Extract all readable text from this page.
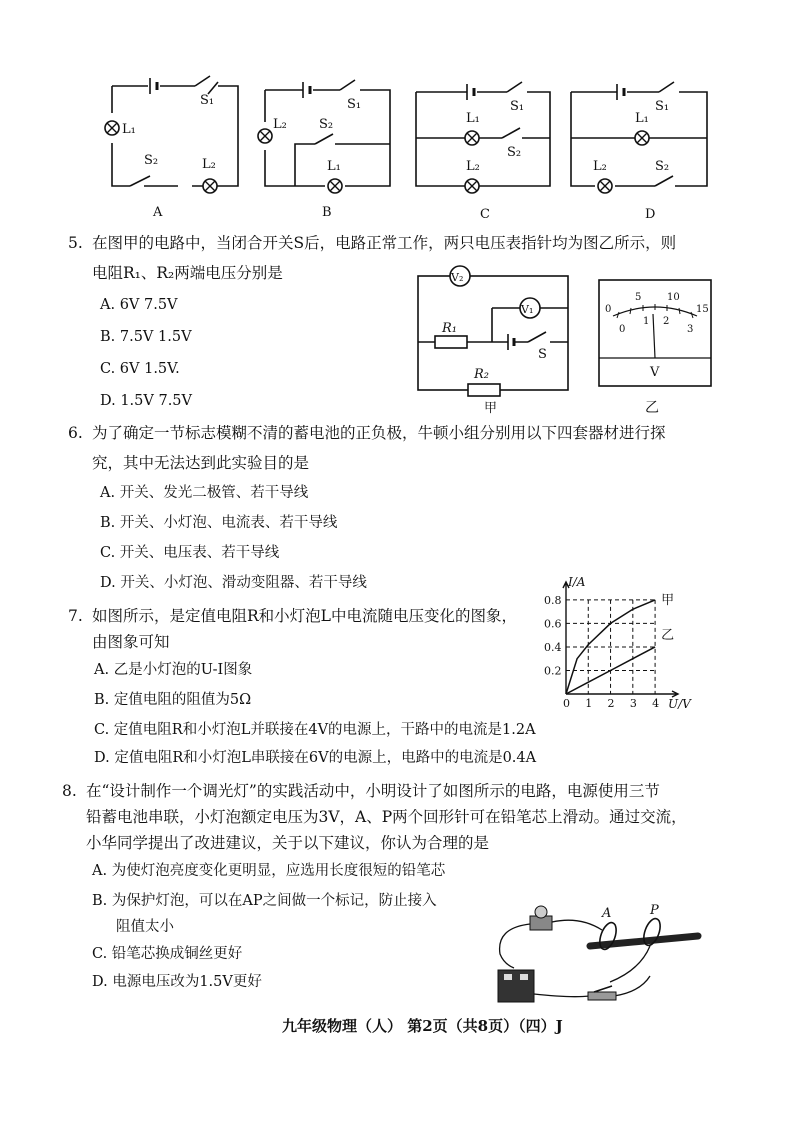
L₁
S₂
S₁
L₂
A
L₂
S₁
S₂
L₁
B
S₁
L₁
S₂
L₂
C
S₁
L₁
L₂	S₂
D
5. 在图甲的电路中，当闭合开关S后，电路正常工作，两只电压表指针均为图乙所示，则
电阻R₁、R₂两端电压分别是
A. 6V 7.5V
B. 7.5V 1.5V
C. 6V 1.5V.
D. 1.5V 7.5V
V₂
V₁
R₁
S
R₂
甲
0
5	10
15
0
1 2
3
V
乙
6. 为了确定一节标志模糊不清的蓄电池的正负极，牛顿小组分别用以下四套器材进行探
究，其中无法达到此实验目的是
A. 开关、发光二极管、若干导线
B. 开关、小灯泡、电流表、若干导线
C. 开关、电压表、若干导线
D. 开关、小灯泡、滑动变阻器、若干导线
7. 如图所示，是定值电阻R和小灯泡L中电流随电压变化的图象，
由图象可知
A. 乙是小灯泡的U-I图象
B. 定值电阻的阻值为5Ω
C. 定值电阻R和小灯泡L并联接在4V的电源上，干路中的电流是1.2A
D. 定值电阻R和小灯泡L串联接在6V的电源上，电路中的电流是0.4A
甲
乙
0 1 2 3 4
0.2
0.4
0.6
0.8
U/V
I/A
8. 在“设计制作一个调光灯”的实践活动中，小明设计了如图所示的电路，电源使用三节
铅蓄电池串联，小灯泡额定电压为3V，A、P两个回形针可在铅笔芯上滑动。通过交流，
小华同学提出了改进建议，关于以下建议，你认为合理的是
A. 为使灯泡亮度变化更明显，应选用长度很短的铅笔芯
B. 为保护灯泡，可以在AP之间做一个标记，防止接入
阻值太小
C. 铅笔芯换成铜丝更好
D. 电源电压改为1.5V更好
A	P
九年级物理（人） 第2页（共8页）（四）J
